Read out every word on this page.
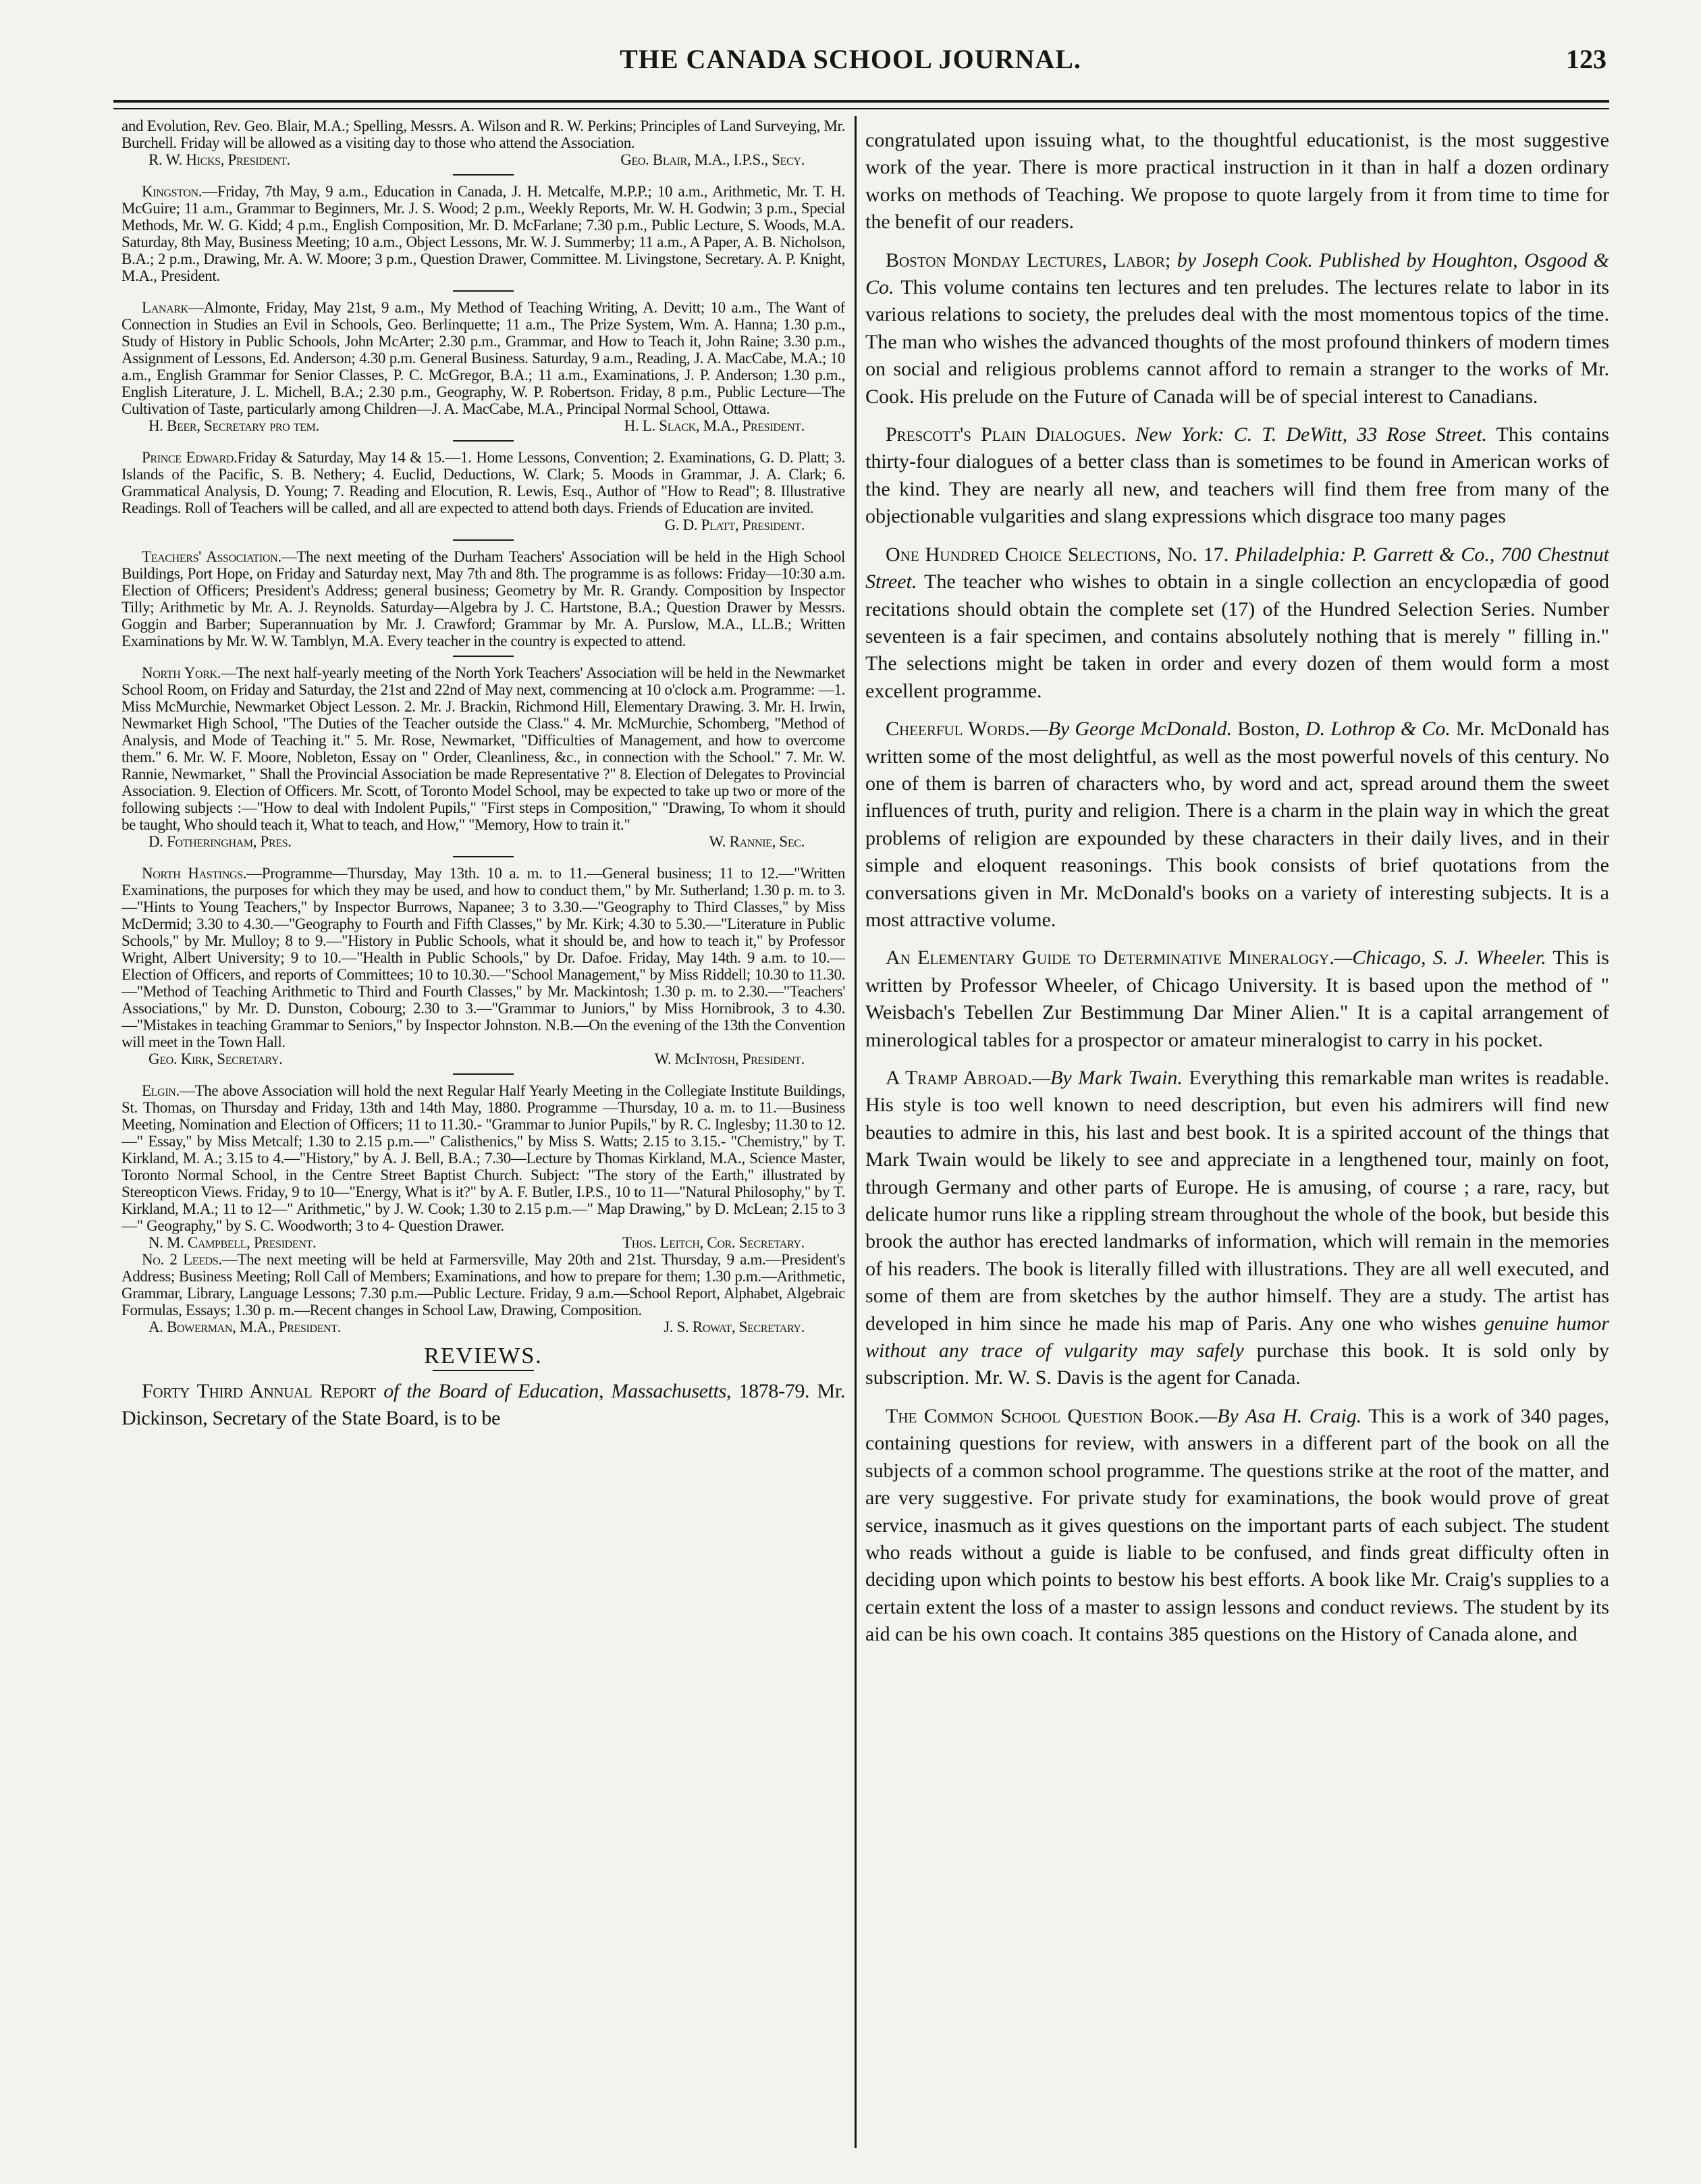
THE CANADA SCHOOL JOURNAL.	123

and Evolution, Rev. Geo. Blair, M.A.; Spelling, Messrs. A. Wilson and R. W. Perkins; Principles of Land Surveying, Mr. Burchell. Friday will be allowed as a visiting day to those who attend the Association.

R. W. Hicks, President.	Geo. Blair, M.A., I.P.S., Secy.

Kingston.—Friday, 7th May, 9 a.m., Education in Canada, J. H. Metcalfe, M.P.P.; 10 a.m., Arithmetic, Mr. T. H. McGuire; 11 a.m., Grammar to Beginners, Mr. J. S. Wood; 2 p.m., Weekly Reports, Mr. W. H. Godwin; 3 p.m., Special Methods, Mr. W. G. Kidd; 4 p.m., English Composition, Mr. D. McFarlane; 7.30 p.m., Public Lecture, S. Woods, M.A. Saturday, 8th May, Business Meeting; 10 a.m., Object Lessons, Mr. W. J. Summerby; 11 a.m., A Paper, A. B. Nicholson, B.A.; 2 p.m., Drawing, Mr. A. W. Moore; 3 p.m., Question Drawer, Committee. M. Livingstone, Secretary. A. P. Knight, M.A., President.

Lanark—Almonte, Friday, May 21st, 9 a.m., My Method of Teaching Writing, A. Devitt; 10 a.m., The Want of Connection in Studies an Evil in Schools, Geo. Berlinquette; 11 a.m., The Prize System, Wm. A. Hanna; 1.30 p.m., Study of History in Public Schools, John McArter; 2.30 p.m., Grammar, and How to Teach it, John Raine; 3.30 p.m., Assignment of Lessons, Ed. Anderson; 4.30 p.m. General Business. Saturday, 9 a.m., Reading, J. A. MacCabe, M.A.; 10 a.m., English Grammar for Senior Classes, P. C. McGregor, B.A.; 11 a.m., Examinations, J. P. Anderson; 1.30 p.m., English Literature, J. L. Michell, B.A.; 2.30 p.m., Geography, W. P. Robertson. Friday, 8 p.m., Public Lecture—The Cultivation of Taste, particularly among Children—J. A. MacCabe, M.A., Principal Normal School, Ottawa.

H. Beer, Secretary pro tem.	H. L. Slack, M.A., President.

Prince Edward.Friday & Saturday, May 14 & 15.—1. Home Lessons, Convention; 2. Examinations, G. D. Platt; 3. Islands of the Pacific, S. B. Nethery; 4. Euclid, Deductions, W. Clark; 5. Moods in Grammar, J. A. Clark; 6. Grammatical Analysis, D. Young; 7. Reading and Elocution, R. Lewis, Esq., Author of "How to Read"; 8. Illustrative Readings. Roll of Teachers will be called, and all are expected to attend both days. Friends of Education are invited.

G. D. Platt, President.

Teachers' Association.—The next meeting of the Durham Teachers' Association will be held in the High School Buildings, Port Hope, on Friday and Saturday next, May 7th and 8th. The programme is as follows: Friday—10:30 a.m. Election of Officers; President's Address; general business; Geometry by Mr. R. Grandy. Composition by Inspector Tilly; Arithmetic by Mr. A. J. Reynolds. Saturday—Algebra by J. C. Hartstone, B.A.; Question Drawer by Messrs. Goggin and Barber; Superannuation by Mr. J. Crawford; Grammar by Mr. A. Purslow, M.A., LL.B.; Written Examinations by Mr. W. W. Tamblyn, M.A. Every teacher in the country is expected to attend.

North York.—The next half-yearly meeting of the North York Teachers' Association will be held in the Newmarket School Room, on Friday and Saturday, the 21st and 22nd of May next, commencing at 10 o'clock a.m. Programme: —1. Miss McMurchie, Newmarket Object Lesson. 2. Mr. J. Brackin, Richmond Hill, Elementary Drawing. 3. Mr. H. Irwin, Newmarket High School, "The Duties of the Teacher outside the Class." 4. Mr. McMurchie, Schomberg, "Method of Analysis, and Mode of Teaching it." 5. Mr. Rose, Newmarket, "Difficulties of Management, and how to overcome them." 6. Mr. W. F. Moore, Nobleton, Essay on " Order, Cleanliness, &c., in connection with the School." 7. Mr. W. Rannie, Newmarket, " Shall the Provincial Association be made Representative ?" 8. Election of Delegates to Provincial Association. 9. Election of Officers. Mr. Scott, of Toronto Model School, may be expected to take up two or more of the following subjects :—"How to deal with Indolent Pupils," "First steps in Composition," "Drawing, To whom it should be taught, Who should teach it, What to teach, and How," "Memory, How to train it."

D. Fotheringham, Pres.	W. Rannie, Sec.

North Hastings.—Programme—Thursday, May 13th. 10 a. m. to 11.—General business; 11 to 12.—"Written Examinations, the purposes for which they may be used, and how to conduct them," by Mr. Sutherland; 1.30 p. m. to 3.—"Hints to Young Teachers," by Inspector Burrows, Napanee; 3 to 3.30.—"Geography to Third Classes," by Miss McDermid; 3.30 to 4.30.—"Geography to Fourth and Fifth Classes," by Mr. Kirk; 4.30 to 5.30.—"Literature in Public Schools," by Mr. Mulloy; 8 to 9.—"History in Public Schools, what it should be, and how to teach it," by Professor Wright, Albert University; 9 to 10.—"Health in Public Schools," by Dr. Dafoe. Friday, May 14th. 9 a.m. to 10.—Election of Officers, and reports of Committees; 10 to 10.30.—"School Management," by Miss Riddell; 10.30 to 11.30.—"Method of Teaching Arithmetic to Third and Fourth Classes," by Mr. Mackintosh; 1.30 p. m. to 2.30.—"Teachers' Associations," by Mr. D. Dunston, Cobourg; 2.30 to 3.—"Grammar to Juniors," by Miss Hornibrook, 3 to 4.30.—"Mistakes in teaching Grammar to Seniors," by Inspector Johnston. N.B.—On the evening of the 13th the Convention will meet in the Town Hall.

Geo. Kirk, Secretary.	W. McIntosh, President.

Elgin.—The above Association will hold the next Regular Half Yearly Meeting in the Collegiate Institute Buildings, St. Thomas, on Thursday and Friday, 13th and 14th May, 1880. Programme —Thursday, 10 a. m. to 11.—Business Meeting, Nomination and Election of Officers; 11 to 11.30.- "Grammar to Junior Pupils," by R. C. Inglesby; 11.30 to 12.—" Essay," by Miss Metcalf; 1.30 to 2.15 p.m.—" Calisthenics," by Miss S. Watts; 2.15 to 3.15.- "Chemistry," by T. Kirkland, M. A.; 3.15 to 4.—"History," by A. J. Bell, B.A.; 7.30—Lecture by Thomas Kirkland, M.A., Science Master, Toronto Normal School, in the Centre Street Baptist Church. Subject: "The story of the Earth," illustrated by Stereopticon Views. Friday, 9 to 10—"Energy, What is it?" by A. F. Butler, I.P.S., 10 to 11—"Natural Philosophy," by T. Kirkland, M.A.; 11 to 12—" Arithmetic," by J. W. Cook; 1.30 to 2.15 p.m.—" Map Drawing," by D. McLean; 2.15 to 3—" Geography," by S. C. Woodworth; 3 to 4- Question Drawer.

N. M. Campbell, President.	Thos. Leitch, Cor. Secretary.

No. 2 Leeds.—The next meeting will be held at Farmersville, May 20th and 21st. Thursday, 9 a.m.—President's Address; Business Meeting; Roll Call of Members; Examinations, and how to prepare for them; 1.30 p.m.—Arithmetic, Grammar, Library, Language Lessons; 7.30 p.m.—Public Lecture. Friday, 9 a.m.—School Report, Alphabet, Algebraic Formulas, Essays; 1.30 p. m.—Recent changes in School Law, Drawing, Composition.

A. Bowerman, M.A., President.	J. S. Rowat, Secretary.
REVIEWS.

Forty Third Annual Report of the Board of Education, Massachusetts, 1878-79. Mr. Dickinson, Secretary of the State Board, is to be

congratulated upon issuing what, to the thoughtful educationist, is the most suggestive work of the year. There is more practical instruction in it than in half a dozen ordinary works on methods of Teaching. We propose to quote largely from it from time to time for the benefit of our readers.

Boston Monday Lectures, Labor; by Joseph Cook. Published by Houghton, Osgood & Co. This volume contains ten lectures and ten preludes. The lectures relate to labor in its various relations to society, the preludes deal with the most momentous topics of the time. The man who wishes the advanced thoughts of the most profound thinkers of modern times on social and religious problems cannot afford to remain a stranger to the works of Mr. Cook. His prelude on the Future of Canada will be of special interest to Canadians.

Prescott's Plain Dialogues. New York: C. T. DeWitt, 33 Rose Street. This contains thirty-four dialogues of a better class than is sometimes to be found in American works of the kind. They are nearly all new, and teachers will find them free from many of the objectionable vulgarities and slang expressions which disgrace too many pages

One Hundred Choice Selections, No. 17. Philadelphia: P. Garrett & Co., 700 Chestnut Street. The teacher who wishes to obtain in a single collection an encyclopædia of good recitations should obtain the complete set (17) of the Hundred Selection Series. Number seventeen is a fair specimen, and contains absolutely nothing that is merely " filling in." The selections might be taken in order and every dozen of them would form a most excellent programme.

Cheerful Words.—By George McDonald. Boston, D. Lothrop & Co. Mr. McDonald has written some of the most delightful, as well as the most powerful novels of this century. No one of them is barren of characters who, by word and act, spread around them the sweet influences of truth, purity and religion. There is a charm in the plain way in which the great problems of religion are expounded by these characters in their daily lives, and in their simple and eloquent reasonings. This book consists of brief quotations from the conversations given in Mr. McDonald's books on a variety of interesting subjects. It is a most attractive volume.

An Elementary Guide to Determinative Mineralogy.—Chicago, S. J. Wheeler. This is written by Professor Wheeler, of Chicago University. It is based upon the method of " Weisbach's Tebellen Zur Bestimmung Dar Miner Alien." It is a capital arrangement of minerological tables for a prospector or amateur mineralogist to carry in his pocket.

A Tramp Abroad.—By Mark Twain. Everything this remarkable man writes is readable. His style is too well known to need description, but even his admirers will find new beauties to admire in this, his last and best book. It is a spirited account of the things that Mark Twain would be likely to see and appreciate in a lengthened tour, mainly on foot, through Germany and other parts of Europe. He is amusing, of course ; a rare, racy, but delicate humor runs like a rippling stream throughout the whole of the book, but beside this brook the author has erected landmarks of information, which will remain in the memories of his readers. The book is literally filled with illustrations. They are all well executed, and some of them are from sketches by the author himself. They are a study. The artist has developed in him since he made his map of Paris. Any one who wishes genuine humor without any trace of vulgarity may safely purchase this book. It is sold only by subscription. Mr. W. S. Davis is the agent for Canada.

The Common School Question Book.—By Asa H. Craig. This is a work of 340 pages, containing questions for review, with answers in a different part of the book on all the subjects of a common school programme. The questions strike at the root of the matter, and are very suggestive. For private study for examinations, the book would prove of great service, inasmuch as it gives questions on the important parts of each subject. The student who reads without a guide is liable to be confused, and finds great difficulty often in deciding upon which points to bestow his best efforts. A book like Mr. Craig's supplies to a certain extent the loss of a master to assign lessons and conduct reviews. The student by its aid can be his own coach. It contains 385 questions on the History of Canada alone, and
